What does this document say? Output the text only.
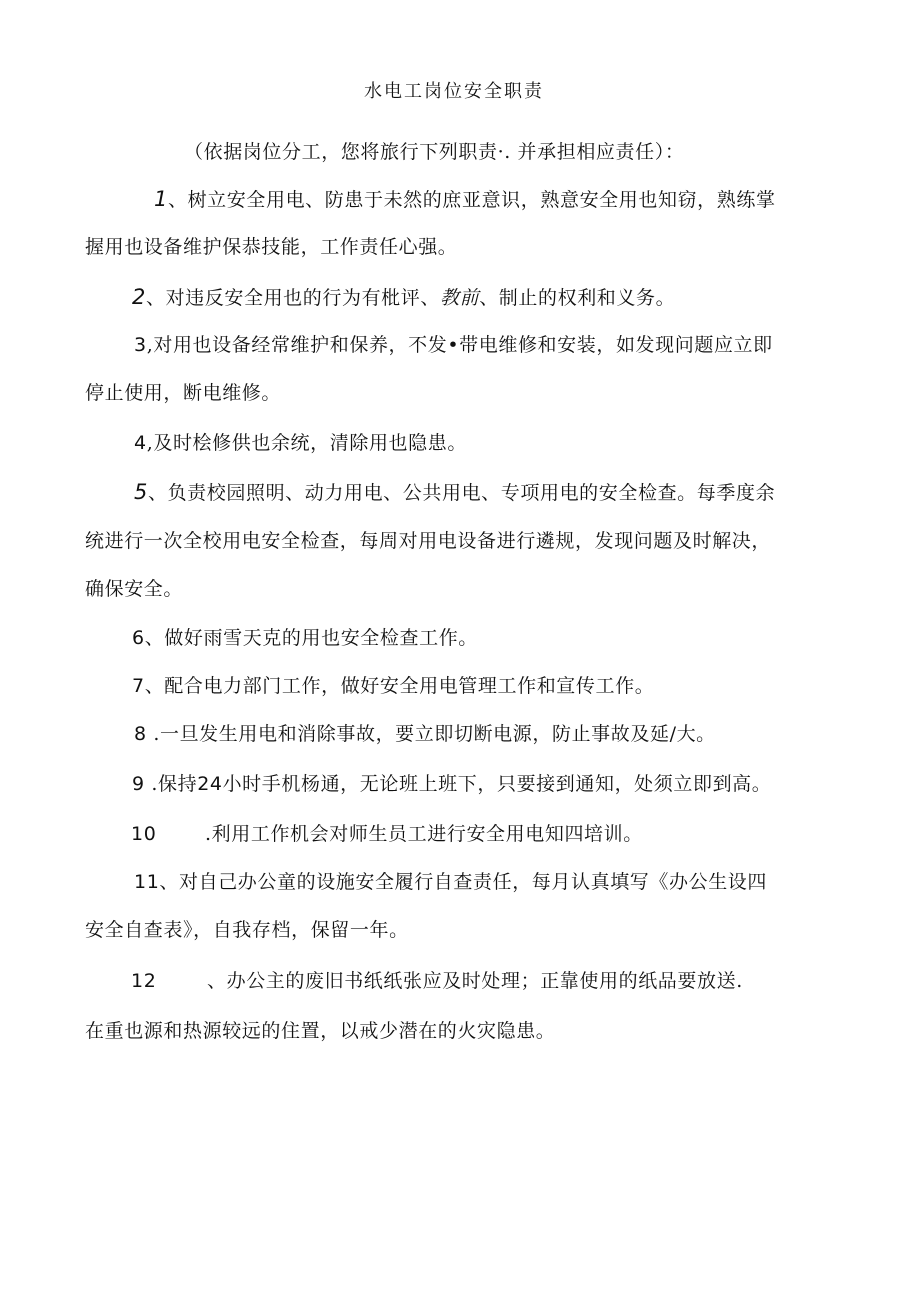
水电工岗位安全职责
（依据岗位分工，您将旅行下列职责·. 并承担相应责任）：
1、树立安全用电、防患于未然的庶亚意识，熟意安全用也知窃，熟练掌
握用也设备维护保恭技能，工作责任心强。
2、对违反安全用也的行为有枇评、教前、制止的权利和义务。
3,对用也设备经常维护和保养，不发•带电维修和安装，如发现问题应立即
停止使用，断电维修。
4,及时桧修供也余统，清除用也隐患。
5、负责校园照明、动力用电、公共用电、专项用电的安全检查。每季度余
统进行一次全校用电安全检查，每周对用电设备进行遴规，发现问题及时解决，
确保安全。
6、做好雨雪天克的用也安全检查工作。
7、配合电力部门工作，做好安全用电管理工作和宣传工作。
8 .一旦发生用电和消除事故，要立即切断电源，防止事故及延/大。
9 .保持24小时手机杨通，无论班上班下，只要接到通知，处须立即到高。
10	.利用工作机会对师生员工进行安全用电知四培训。
11、对自己办公童的设施安全履行自查责任，每月认真填写《办公生设四
安全自查表》，自我存档，保留一年。
12	、办公主的废旧书纸纸张应及时处理；正靠使用的纸品要放送.
在重也源和热源较远的住置，以戒少潜在的火灾隐患。
